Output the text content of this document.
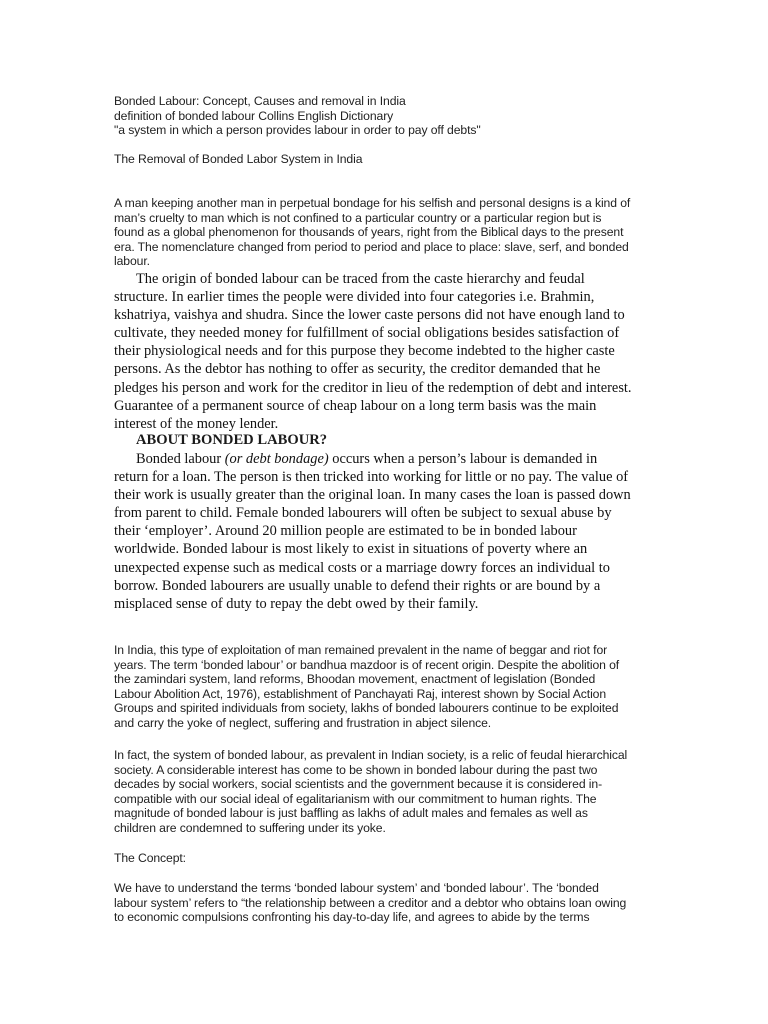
Bonded Labour: Concept, Causes and removal in India
definition of bonded labour Collins English Dictionary
"a system in which a person provides labour in order to pay off debts"
The Removal of Bonded Labor System in India
A man keeping another man in perpetual bondage for his selfish and personal designs is a kind of
man’s cruelty to man which is not confined to a particular country or a particular region but is
found as a global phenomenon for thousands of years, right from the Biblical days to the present
era. The nomenclature changed from period to period and place to place: slave, serf, and bonded
labour.
The origin of bonded labour can be traced from the caste hierarchy and feudal
structure. In earlier times the people were divided into four categories i.e. Brahmin,
kshatriya, vaishya and shudra. Since the lower caste persons did not have enough land to
cultivate, they needed money for fulfillment of social obligations besides satisfaction of
their physiological needs and for this purpose they become indebted to the higher caste
persons. As the debtor has nothing to offer as security, the creditor demanded that he
pledges his person and work for the creditor in lieu of the redemption of debt and interest.
Guarantee of a permanent source of cheap labour on a long term basis was the main
interest of the money lender.
ABOUT BONDED LABOUR?
Bonded labour (or debt bondage) occurs when a person’s labour is demanded in
return for a loan. The person is then tricked into working for little or no pay. The value of
their work is usually greater than the original loan. In many cases the loan is passed down
from parent to child. Female bonded labourers will often be subject to sexual abuse by
their ‘employer’. Around 20 million people are estimated to be in bonded labour
worldwide. Bonded labour is most likely to exist in situations of poverty where an
unexpected expense such as medical costs or a marriage dowry forces an individual to
borrow. Bonded labourers are usually unable to defend their rights or are bound by a
misplaced sense of duty to repay the debt owed by their family.
In India, this type of exploitation of man remained prevalent in the name of beggar and riot for
years. The term ‘bonded labour’ or bandhua mazdoor is of recent origin. Despite the abolition of
the zamindari system, land reforms, Bhoodan movement, enactment of legislation (Bonded
Labour Abolition Act, 1976), establishment of Panchayati Raj, interest shown by Social Action
Groups and spirited individuals from society, lakhs of bonded labourers continue to be exploited
and carry the yoke of neglect, suffering and frustration in abject silence.
In fact, the system of bonded labour, as prevalent in Indian society, is a relic of feudal hierarchical
society. A considerable interest has come to be shown in bonded labour during the past two
decades by social workers, social scientists and the government because it is considered in-
compatible with our social ideal of egalitarianism with our commitment to human rights. The
magnitude of bonded labour is just baffling as lakhs of adult males and females as well as
children are condemned to suffering under its yoke.
The Concept:
We have to understand the terms ‘bonded labour system’ and ‘bonded labour’. The ‘bonded
labour system’ refers to “the relationship between a creditor and a debtor who obtains loan owing
to economic compulsions confronting his day-to-day life, and agrees to abide by the terms
